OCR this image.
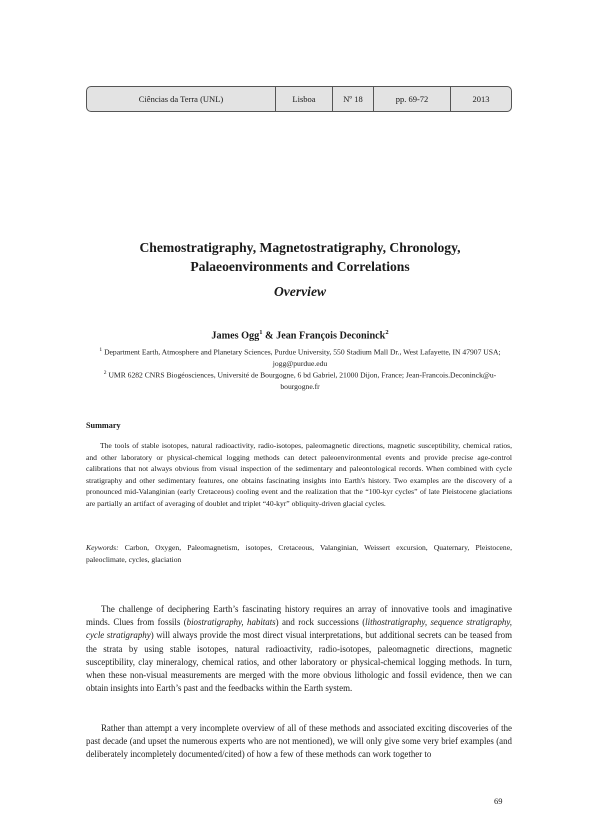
Ciências da Terra (UNL)	Lisboa	Nº 18	pp. 69-72	2013
Chemostratigraphy, Magnetostratigraphy, Chronology,
Palaeoenvironments and Correlations
Overview
James Ogg$^1$ & Jean François Deconinck$^2$
$^1$ Department Earth, Atmosphere and Planetary Sciences, Purdue University, 550 Stadium Mall Dr., West Lafayette, IN 47907 USA; jogg@purdue.edu
$^2$ UMR 6282 CNRS Biogéosciences, Université de Bourgogne, 6 bd Gabriel, 21000 Dijon, France; Jean-Francois.Deconinck@u-bourgogne.fr
Summary

The tools of stable isotopes, natural radioactivity, radio-isotopes, paleomagnetic directions, magnetic susceptibility, chemical ratios, and other laboratory or physical-chemical logging methods can detect paleoenvironmental events and provide precise age-control calibrations that not always obvious from visual inspection of the sedimentary and paleontological records. When combined with cycle stratigraphy and other sedimentary features, one obtains fascinating insights into Earth's history. Two examples are the discovery of a pronounced mid-Valanginian (early Cretaceous) cooling event and the realization that the “100-kyr cycles” of late Pleistocene glaciations are partially an artifact of averaging of doublet and triplet “40-kyr” obliquity-driven glacial cycles.

Keywords: Carbon, Oxygen, Paleomagnetism, isotopes, Cretaceous, Valanginian, Weissert excursion, Quaternary, Pleistocene, paleoclimate, cycles, glaciation

The challenge of deciphering Earth’s fascinating history requires an array of innovative tools and imaginative minds. Clues from fossils (biostratigraphy, habitats) and rock successions (lithostratigraphy, sequence stratigraphy, cycle stratigraphy) will always provide the most direct visual interpretations, but additional secrets can be teased from the strata by using stable isotopes, natural radioactivity, radio-isotopes, paleomagnetic directions, magnetic susceptibility, clay mineralogy, chemical ratios, and other laboratory or physical-chemical logging methods. In turn, when these non-visual measurements are merged with the more obvious lithologic and fossil evidence, then we can obtain insights into Earth’s past and the feedbacks within the Earth system.

Rather than attempt a very incomplete overview of all of these methods and associated exciting discoveries of the past decade (and upset the numerous experts who are not mentioned), we will only give some very brief examples (and deliberately incompletely documented/cited) of how a few of these methods can work together to

69
